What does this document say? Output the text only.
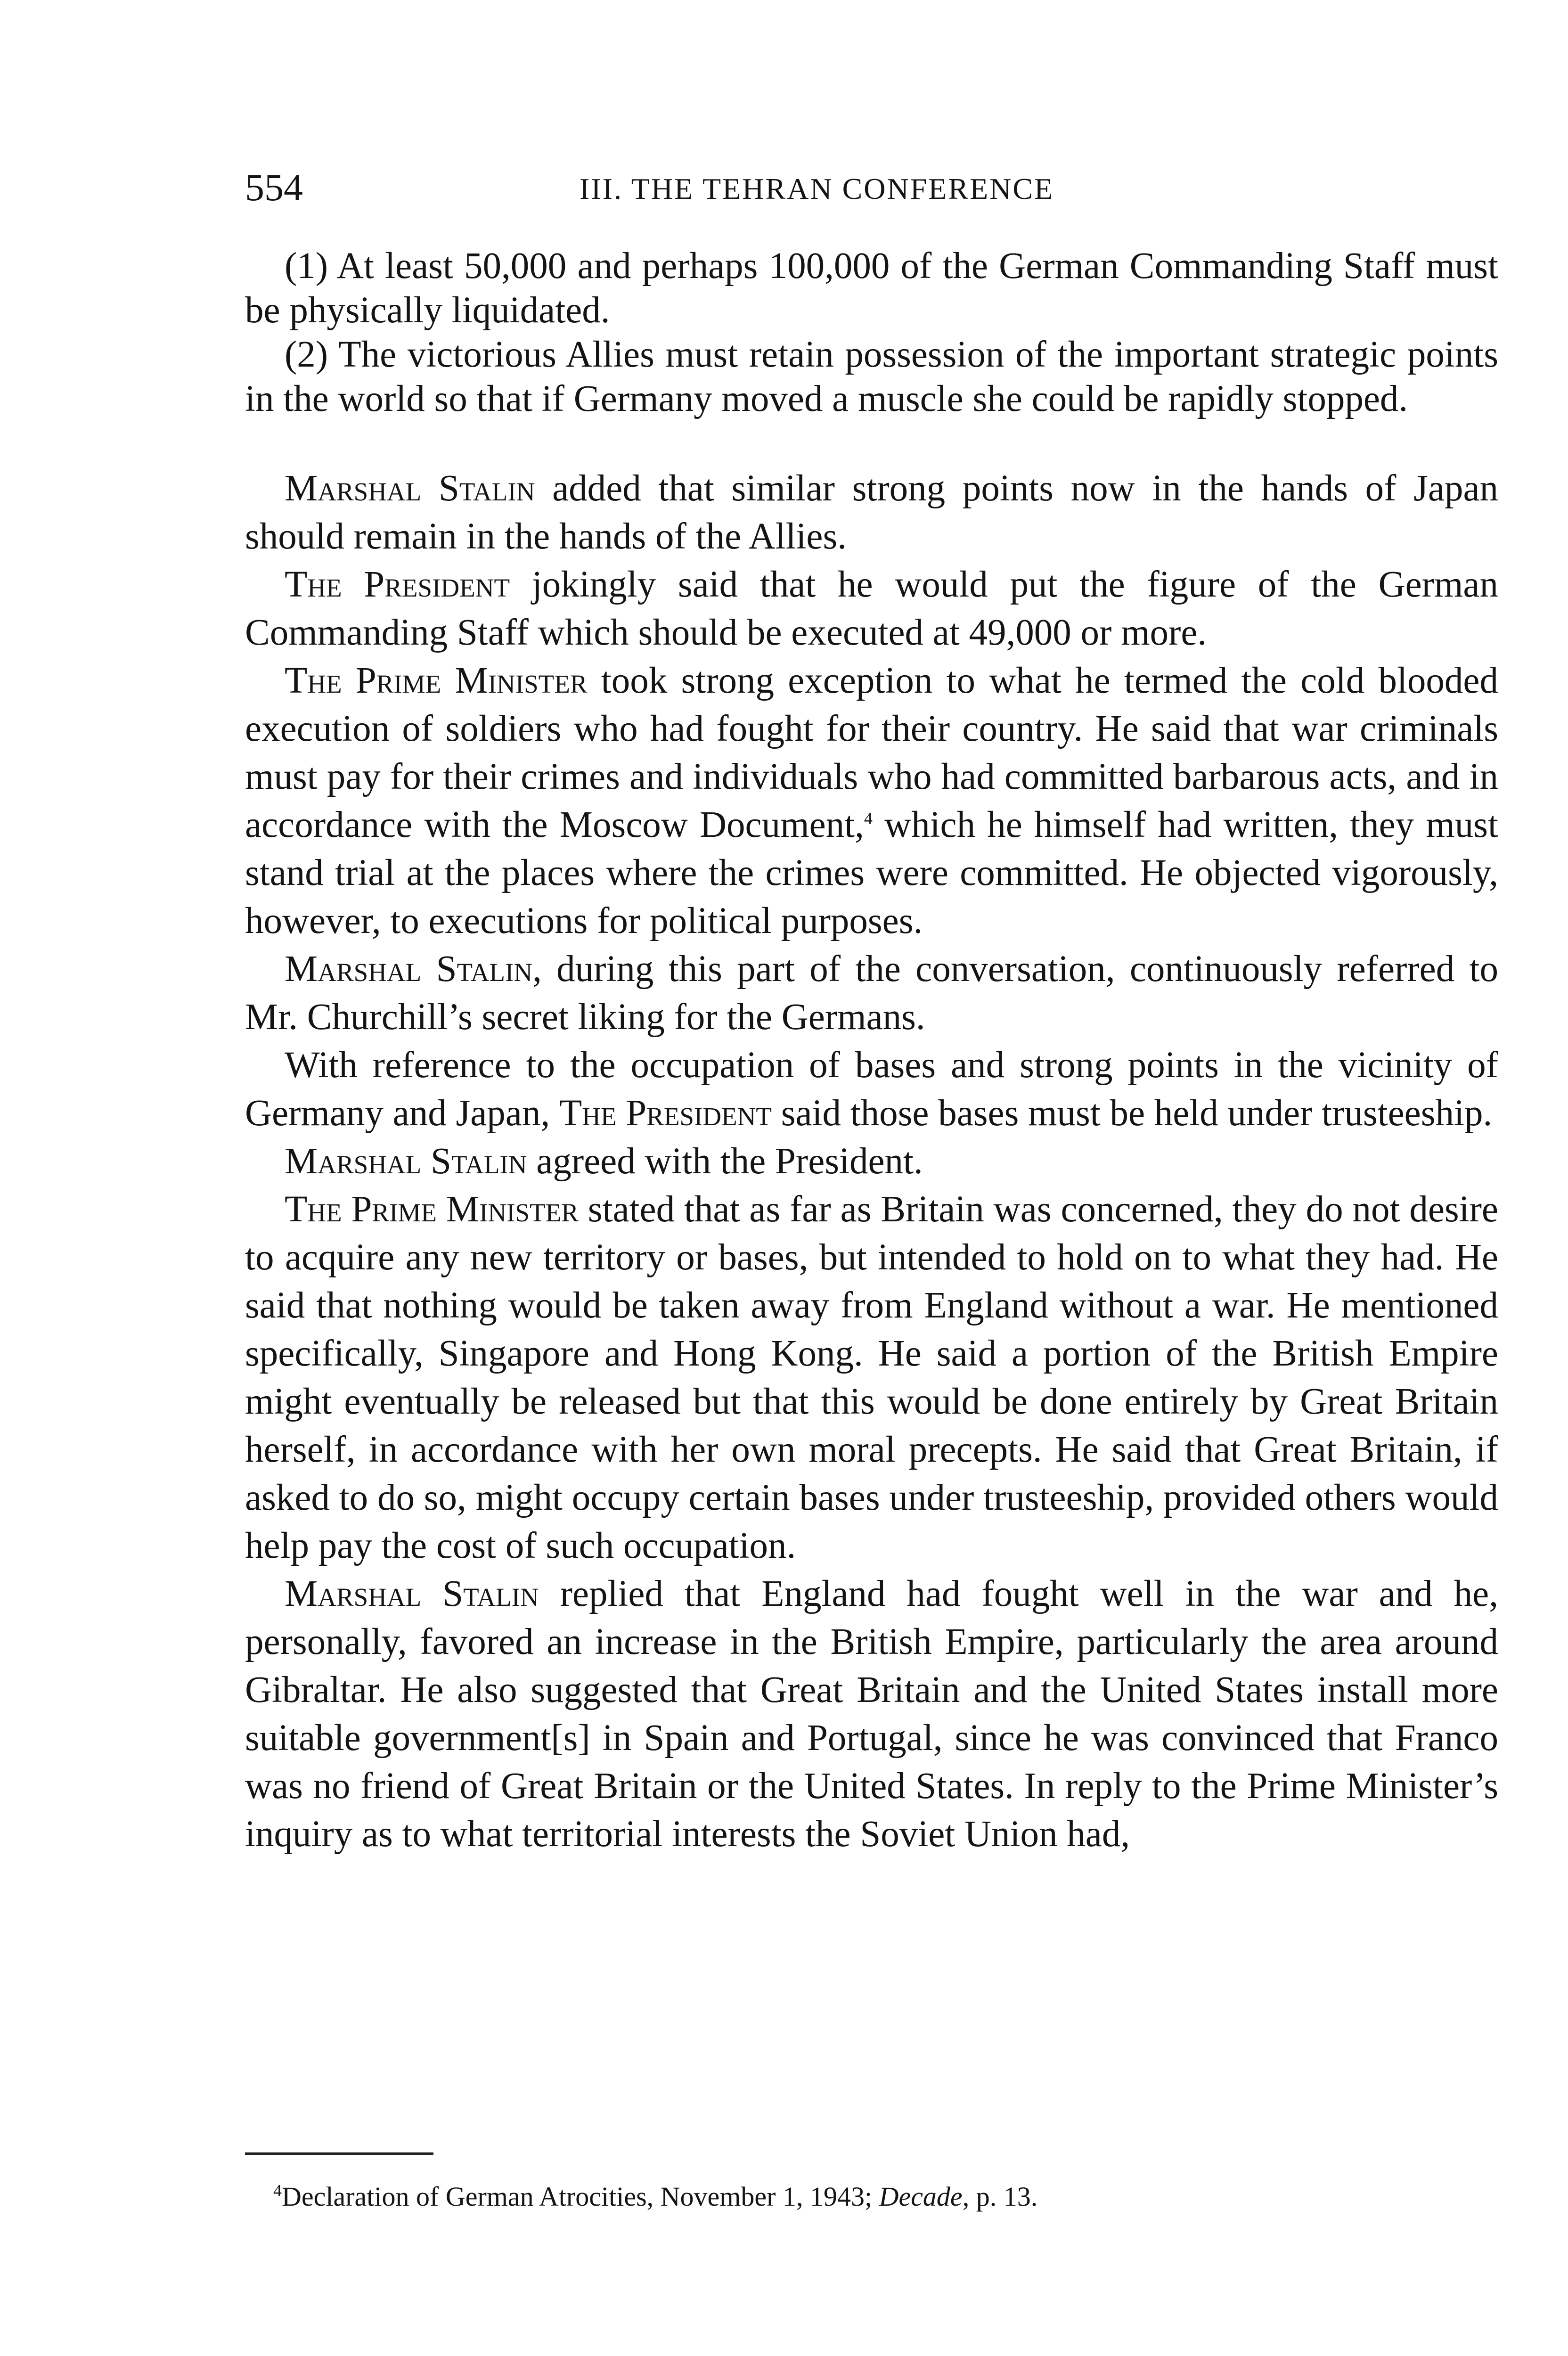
554	III. THE TEHRAN CONFERENCE

(1) At least 50,000 and perhaps 100,000 of the German Commanding Staff must be physically liquidated.

(2) The victorious Allies must retain possession of the important strategic points in the world so that if Germany moved a muscle she could be rapidly stopped.

Marshal Stalin added that similar strong points now in the hands of Japan should remain in the hands of the Allies.

The President jokingly said that he would put the figure of the German Commanding Staff which should be executed at 49,000 or more.

The Prime Minister took strong exception to what he termed the cold blooded execution of soldiers who had fought for their country. He said that war criminals must pay for their crimes and individuals who had committed barbarous acts, and in accordance with the Moscow Document,$^4$ which he himself had written, they must stand trial at the places where the crimes were committed. He objected vigorously, however, to executions for political purposes.

Marshal Stalin, during this part of the conversation, continuously referred to Mr. Churchill’s secret liking for the Germans.

With reference to the occupation of bases and strong points in the vicinity of Germany and Japan, The President said those bases must be held under trusteeship.

Marshal Stalin agreed with the President.

The Prime Minister stated that as far as Britain was concerned, they do not desire to acquire any new territory or bases, but intended to hold on to what they had. He said that nothing would be taken away from England without a war. He mentioned specifically, Singapore and Hong Kong. He said a portion of the British Empire might eventually be released but that this would be done entirely by Great Britain herself, in accordance with her own moral precepts. He said that Great Britain, if asked to do so, might occupy certain bases under trusteeship, provided others would help pay the cost of such occupation.

Marshal Stalin replied that England had fought well in the war and he, personally, favored an increase in the British Empire, particularly the area around Gibraltar. He also suggested that Great Britain and the United States install more suitable government[s] in Spain and Portugal, since he was convinced that Franco was no friend of Great Britain or the United States. In reply to the Prime Minister’s inquiry as to what territorial interests the Soviet Union had,

$^4$Declaration of German Atrocities, November 1, 1943; Decade, p. 13.
